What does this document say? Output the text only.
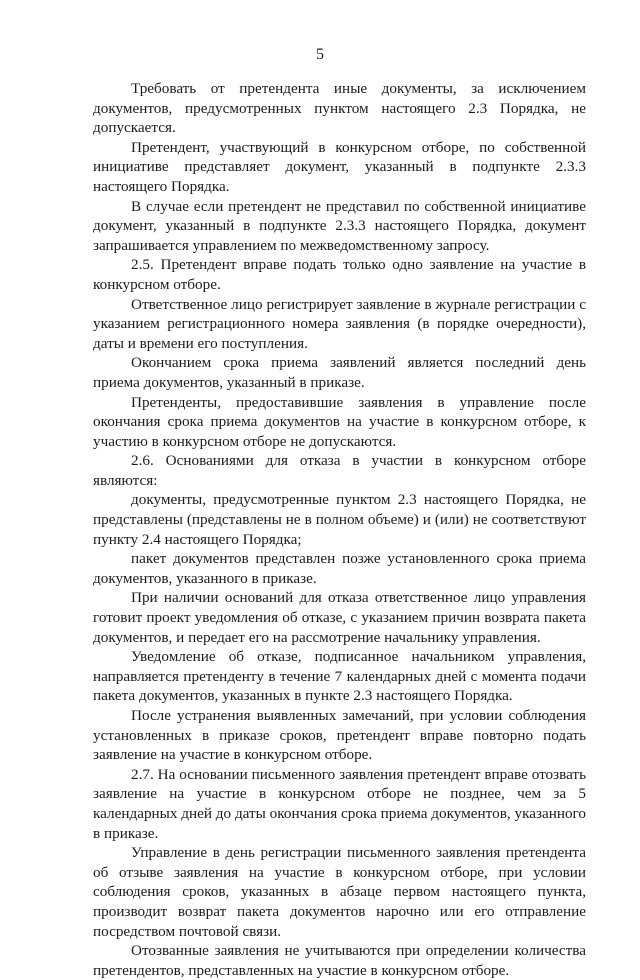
5

Требовать от претендента иные документы, за исключением документов, предусмотренных пунктом настоящего 2.3 Порядка, не допускается.

Претендент, участвующий в конкурсном отборе, по собственной инициативе представляет документ, указанный в подпункте 2.3.3 настоящего Порядка.

В случае если претендент не представил по собственной инициативе документ, указанный в подпункте 2.3.3 настоящего Порядка, документ запрашивается управлением по межведомственному запросу.

2.5. Претендент вправе подать только одно заявление на участие в конкурсном отборе.

Ответственное лицо регистрирует заявление в журнале регистрации с указанием регистрационного номера заявления (в порядке очередности), даты и времени его поступления.

Окончанием срока приема заявлений является последний день приема документов, указанный в приказе.

Претенденты, предоставившие заявления в управление после окончания срока приема документов на участие в конкурсном отборе, к участию в конкурсном отборе не допускаются.

2.6. Основаниями для отказа в участии в конкурсном отборе являются:

документы, предусмотренные пунктом 2.3 настоящего Порядка, не представлены (представлены не в полном объеме) и (или) не соответствуют пункту 2.4 настоящего Порядка;

пакет документов представлен позже установленного срока приема документов, указанного в приказе.

При наличии оснований для отказа ответственное лицо управления готовит проект уведомления об отказе, с указанием причин возврата пакета документов, и передает его на рассмотрение начальнику управления.

Уведомление об отказе, подписанное начальником управления, направляется претенденту в течение 7 календарных дней с момента подачи пакета документов, указанных в пункте 2.3 настоящего Порядка.

После устранения выявленных замечаний, при условии соблюдения установленных в приказе сроков, претендент вправе повторно подать заявление на участие в конкурсном отборе.

2.7. На основании письменного заявления претендент вправе отозвать заявление на участие в конкурсном отборе не позднее, чем за 5 календарных дней до даты окончания срока приема документов, указанного в приказе.

Управление в день регистрации письменного заявления претендента об отзыве заявления на участие в конкурсном отборе, при условии соблюдения сроков, указанных в абзаце первом настоящего пункта, производит возврат пакета документов нарочно или его отправление посредством почтовой связи.

Отозванные заявления не учитываются при определении количества претендентов, представленных на участие в конкурсном отборе.
